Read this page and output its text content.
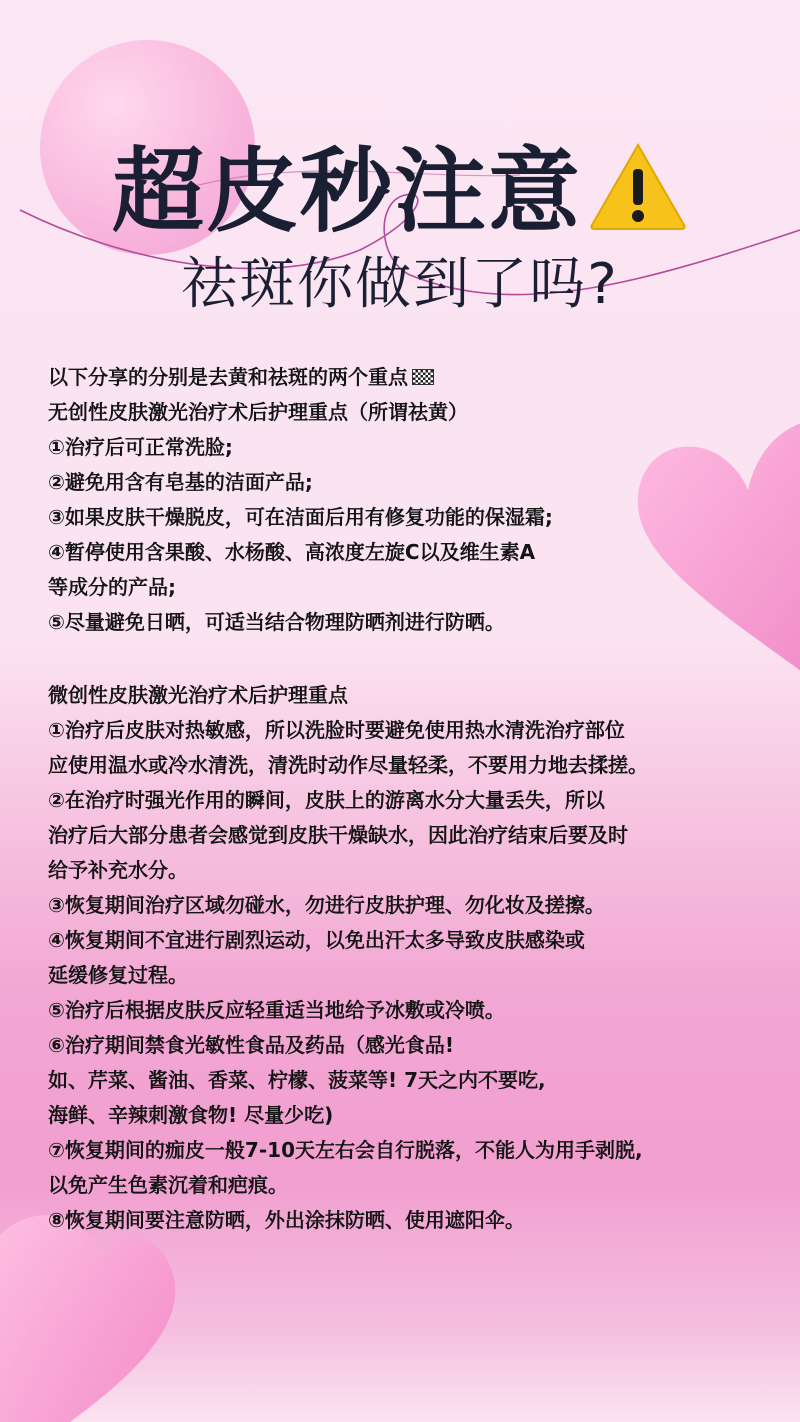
超皮秒注意
祛斑你做到了吗?
以下分享的分别是去黄和祛斑的两个重点
无创性皮肤激光治疗术后护理重点（所谓祛黄）
①治疗后可正常洗脸;
②避免用含有皂基的洁面产品;
③如果皮肤干燥脱皮，可在洁面后用有修复功能的保湿霜;
④暂停使用含果酸、水杨酸、高浓度左旋C以及维生素A
等成分的产品;
⑤尽量避免日晒，可适当结合物理防晒剂进行防晒。
微创性皮肤激光治疗术后护理重点
①治疗后皮肤对热敏感，所以洗脸时要避免使用热水清洗治疗部位
应使用温水或冷水清洗，清洗时动作尽量轻柔，不要用力地去揉搓。
②在治疗时强光作用的瞬间，皮肤上的游离水分大量丢失，所以
治疗后大部分患者会感觉到皮肤干燥缺水，因此治疗结束后要及时
给予补充水分。
③恢复期间治疗区域勿碰水，勿进行皮肤护理、勿化妆及搓擦。
④恢复期间不宜进行剧烈运动，以免出汗太多导致皮肤感染或
延缓修复过程。
⑤治疗后根据皮肤反应轻重适当地给予冰敷或冷喷。
⑥治疗期间禁食光敏性食品及药品（感光食品!
如、芹菜、酱油、香菜、柠檬、菠菜等! 7天之内不要吃,
海鲜、辛辣刺激食物! 尽量少吃)
⑦恢复期间的痂皮一般7-10天左右会自行脱落，不能人为用手剥脱,
以免产生色素沉着和疤痕。
⑧恢复期间要注意防晒，外出涂抹防晒、使用遮阳伞。
